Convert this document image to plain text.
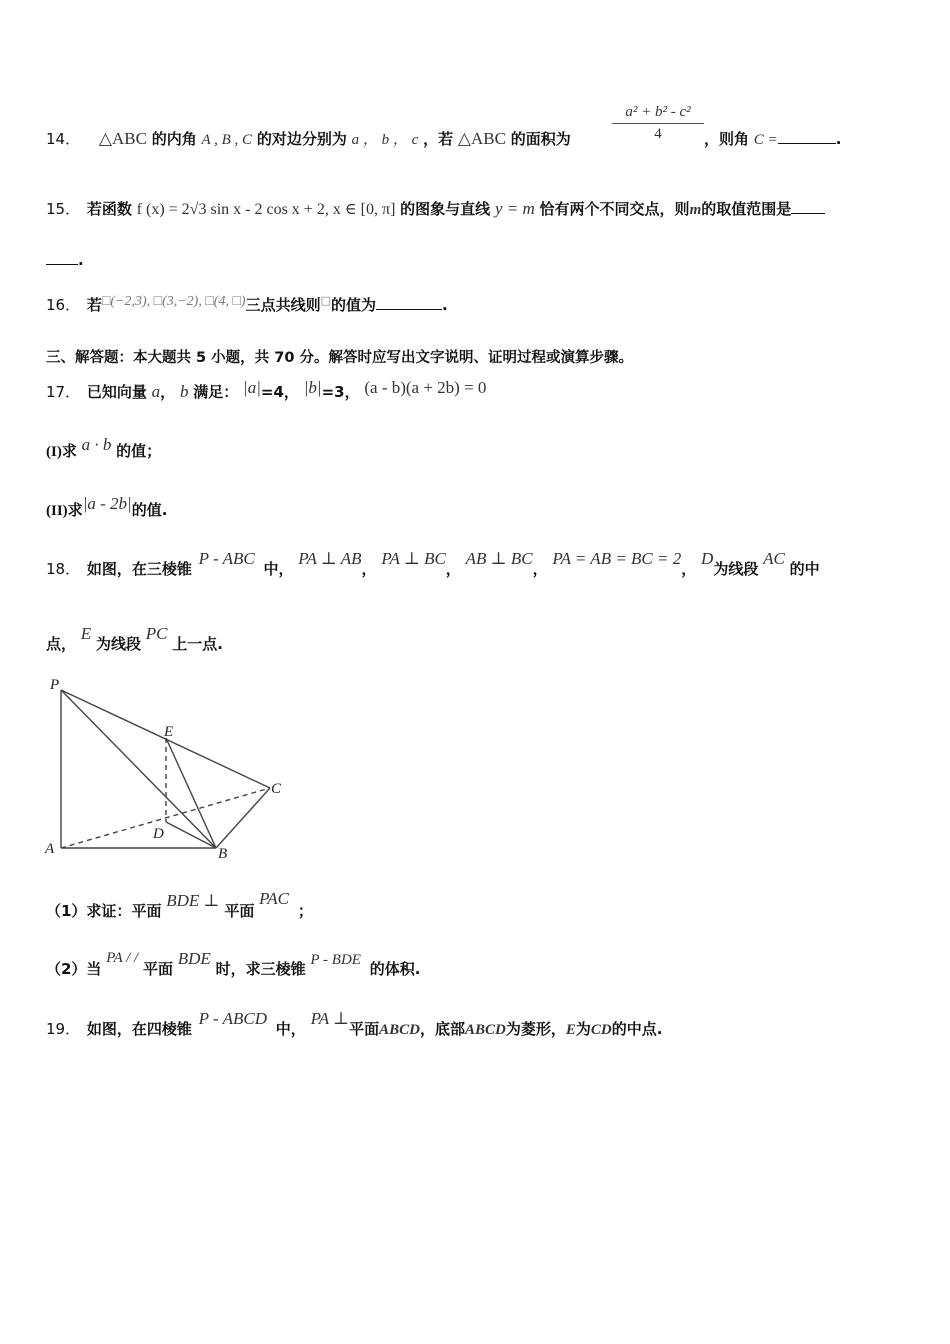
14． △ABC 的内角 A , B , C 的对边分别为 a ， b ， c ，若 △ABC 的面积为	$\frac{\text{a² + b² - c²}}{4}$ ，则角 C =	.
15． 若函数 f (x) = 2√3 sin x - 2 cos x + 2, x ∈ [0, π] 的图象与直线 y = m 恰有两个不同交点，则m的取值范围是
.
16． 若□(−2,3), □(3,−2), □(4, □)三点共线则□的值为	.
三、解答题：本大题共 5 小题，共 70 分。解答时应写出文字说明、证明过程或演算步骤。
17． 已知向量 a， b 满足： |a|=4， |b|=3， (a - b)(a + 2b) = 0
(I)求 a · b 的值；
(II)求|a - 2b|的值.
18． 如图，在三棱锥 P - ABC 中， PA ⊥ AB， PA ⊥ BC， AB ⊥ BC， PA = AB = BC = 2， D为线段 AC 的中
点， E 为线段 PC 上一点.
P
E
C
D
A	B
（1）求证：平面 BDE ⊥ 平面 PAC ；
（2）当 PA / / 平面 BDE 时，求三棱锥 P - BDE 的体积.
19． 如图，在四棱锥 P - ABCD 中， PA ⊥平面ABCD，底部ABCD为菱形，E为CD的中点.
